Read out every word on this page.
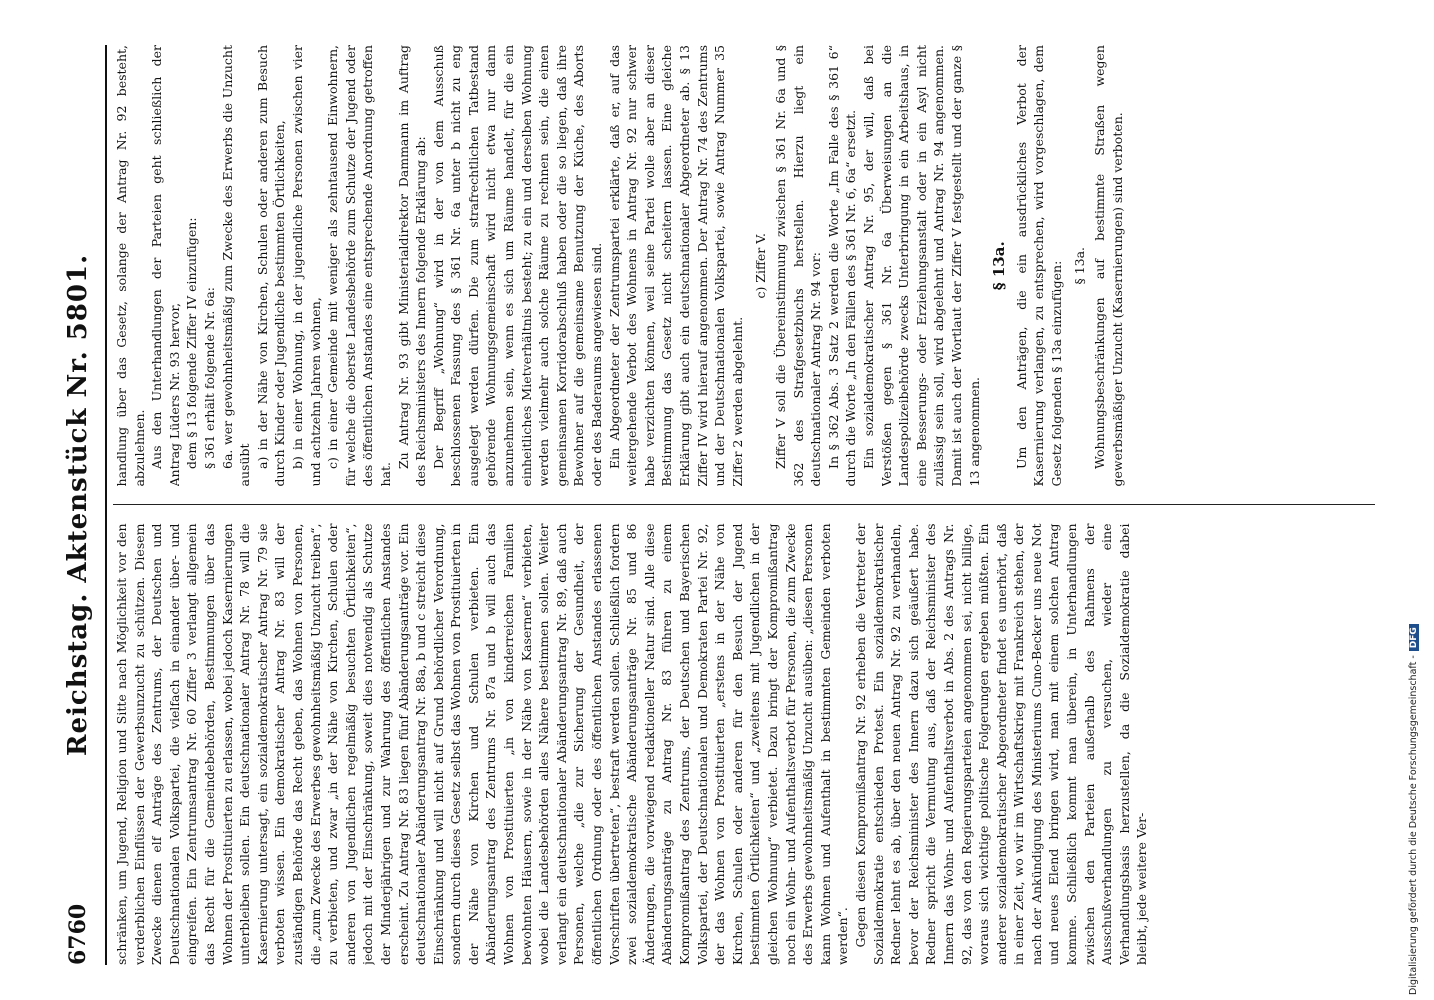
6760
Reichstag. Aktenstück Nr. 5801. schränken, um Jugend, Religion und Sitte nach Möglichkeit vor den verderblichen Einflüssen der Gewerbsunzucht zu schützen. Diesem Zwecke dienen elf Anträge des Zentrums, der Deutschen und Deutschnationalen Volkspartei, die vielfach in einander über- und eingreifen. Ein Zentrumsantrag Nr. 60 Ziffer 3 verlangt allgemein das Recht für die Gemeindebehörden, Bestimmungen über das Wohnen der Prostituierten zu erlassen, wobei jedoch Kasernierungen unterbleiben sollen. Ein deutschnationaler Antrag Nr. 78 will die Kasernierung untersagt, ein sozialdemokratischer Antrag Nr. 79 sie verboten wissen. Ein demokratischer Antrag Nr. 83 will der zuständigen Behörde das Recht geben, das Wohnen von Personen, die „zum Zwecke des Erwerbes gewohnheitsmäßig Unzucht treiben“, zu verbieten, und zwar „in der Nähe von Kirchen, Schulen oder anderen von Jugendlichen regelmäßig besuchten Örtlichkeiten“, jedoch mit der Einschränkung, soweit dies notwendig als Schutze der Minderjährigen und zur Wahrung des öffentlichen Anstandes erscheint. Zu Antrag Nr. 83 liegen fünf Abänderungsanträge vor. Ein deutschnationaler Abänderungsantrag Nr. 88a, b und c streicht diese Einschränkung und will nicht auf Grund behördlicher Verordnung, sondern durch dieses Gesetz selbst das Wohnen von Prostituierten in der Nähe von Kirchen und Schulen verbieten. Ein Abänderungsantrag des Zentrums Nr. 87a und b will auch das Wohnen von Prostituierten „in von kinderreichen Familien bewohnten Häusern, sowie in der Nähe von Kasernen“ verbieten, wobei die Landesbehörden alles Nähere bestimmen sollen. Weiter verlangt ein deutschnationaler Abänderungsantrag Nr. 89, daß auch Personen, welche „die zur Sicherung der Gesundheit, der öffentlichen Ordnung oder des öffentlichen Anstandes erlassenen Vorschriften übertreten“, bestraft werden sollen. Schließlich fordern zwei sozialdemokratische Abänderungsanträge Nr. 85 und 86 Änderungen, die vorwiegend redaktioneller Natur sind. Alle diese Abänderungsanträge zu Antrag Nr. 83 führen zu einem Kompromißantrag des Zentrums, der Deutschen und Bayerischen Volkspartei, der Deutschnationalen und Demokraten Partei Nr. 92, der das Wohnen von Prostituierten „erstens in der Nähe von Kirchen, Schulen oder anderen für den Besuch der Jugend bestimmten Örtlichkeiten“ und „zweitens mit Jugendlichen in der gleichen Wohnung“ verbietet. Dazu bringt der Kompromißantrag noch ein Wohn- und Aufenthaltsverbot für Personen, die zum Zwecke des Erwerbs gewohnheitsmäßig Unzucht ausüben: „diesen Personen kann Wohnen und Aufenthalt in bestimmten Gemeinden verboten werden“. Gegen diesen Kompromißantrag Nr. 92 erheben die Vertreter der Sozialdemokratie entschieden Protest. Ein sozialdemokratischer Redner lehnt es ab, über den neuen Antrag Nr. 92 zu verhandeln, bevor der Reichsminister des Innern dazu sich geäußert habe. Redner spricht die Vermutung aus, daß der Reichsminister des Innern das Wohn- und Aufenthaltsverbot in Abs. 2 des Antrags Nr. 92, das von den Regierungsparteien angenommen sei, nicht billige, woraus sich wichtige politische Folgerungen ergeben müßten. Ein anderer sozialdemokratischer Abgeordneter findet es unerhört, daß in einer Zeit, wo wir im Wirtschaftskrieg mit Frankreich stehen, der nach der Ankündigung des Ministeriums Cuno-Becker uns neue Not und neues Elend bringen wird, man mit einem solchen Antrag komme. Schließlich kommt man überein, in Unterhandlungen zwischen den Parteien außerhalb des Rahmens der Ausschußverhandlungen zu versuchen, wieder eine Verhandlungsbasis herzustellen, da die Sozialdemokratie dabei bleibt, jede weitere Ver-

handlung über das Gesetz, solange der Antrag Nr. 92 besteht, abzulehnen. Aus den Unterhandlungen der Parteien geht schließlich der Antrag Lüders Nr. 93 hervor, dem § 13 folgende Ziffer IV einzufügen: § 361 erhält folgende Nr. 6a: 6a. wer gewohnheitsmäßig zum Zwecke des Erwerbs die Unzucht ausübt a) in der Nähe von Kirchen, Schulen oder anderen zum Besuch durch Kinder oder Jugendliche bestimmten Örtlichkeiten, b) in einer Wohnung, in der jugendliche Personen zwischen vier und achtzehn Jahren wohnen, c) in einer Gemeinde mit weniger als zehntausend Einwohnern, für welche die oberste Landesbehörde zum Schutze der Jugend oder des öffentlichen Anstandes eine entsprechende Anordnung getroffen hat.

Zu Antrag Nr. 93 gibt Ministerialdirektor Dammann im Auftrag des Reichsministers des Innern folgende Erklärung ab: Der Begriff „Wohnung“ wird in der von dem Ausschuß beschlossenen Fassung des § 361 Nr. 6a unter b nicht zu eng ausgelegt werden dürfen. Die zum strafrechtlichen Tatbestand gehörende Wohnungsgemeinschaft wird nicht etwa nur dann anzunehmen sein, wenn es sich um Räume handelt, für die ein einheitliches Mietverhältnis besteht; zu ein und derselben Wohnung werden vielmehr auch solche Räume zu rechnen sein, die einen gemeinsamen Korridorabschluß haben oder die so liegen, daß ihre Bewohner auf die gemeinsame Benutzung der Küche, des Aborts oder des Baderaums angewiesen sind. Ein Abgeordneter der Zentrumspartei erklärte, daß er, auf das weitergehende Verbot des Wohnens in Antrag Nr. 92 nur schwer habe verzichten können, weil seine Partei wolle aber an dieser Bestimmung das Gesetz nicht scheitern lassen. Eine gleiche Erklärung gibt auch ein deutschnationaler Abgeordneter ab. § 13 Ziffer IV wird hierauf angenommen. Der Antrag Nr. 74 des Zentrums und der Deutschnationalen Volkspartei, sowie Antrag Nummer 35 Ziffer 2 werden abgelehnt.

c) Ziffer V. Ziffer V soll die Übereinstimmung zwischen § 361 Nr. 6a und § 362 des Strafgesetzbuchs herstellen. Hierzu liegt ein deutschnationaler Antrag Nr. 94 vor: In § 362 Abs. 3 Satz 2 werden die Worte „Im Falle des § 361 6“ durch die Worte „In den Fällen des § 361 Nr. 6, 6a“ ersetzt. Ein sozialdemokratischer Antrag Nr. 95, der will, daß bei Verstößen gegen § 361 Nr. 6a Überweisungen an die Landespolizeibehörde zwecks Unterbringung in ein Arbeitshaus, in eine Besserungs- oder Erziehungsanstalt oder in ein Asyl nicht zulässig sein soll, wird abgelehnt und Antrag Nr. 94 angenommen. Damit ist auch der Wortlaut der Ziffer V festgestellt und der ganze § 13 angenommen.

§ 13a. Um den Anträgen, die ein ausdrückliches Verbot der Kasernierung verlangen, zu entsprechen, wird vorgeschlagen, dem Gesetz folgenden § 13a einzufügen: § 13a. Wohnungsbeschränkungen auf bestimmte Straßen wegen gewerbsmäßiger Unzucht (Kasernierungen) sind verboten.

Digitalisierung gefördert durch die Deutsche Forschungsgemeinschaft -DFG
